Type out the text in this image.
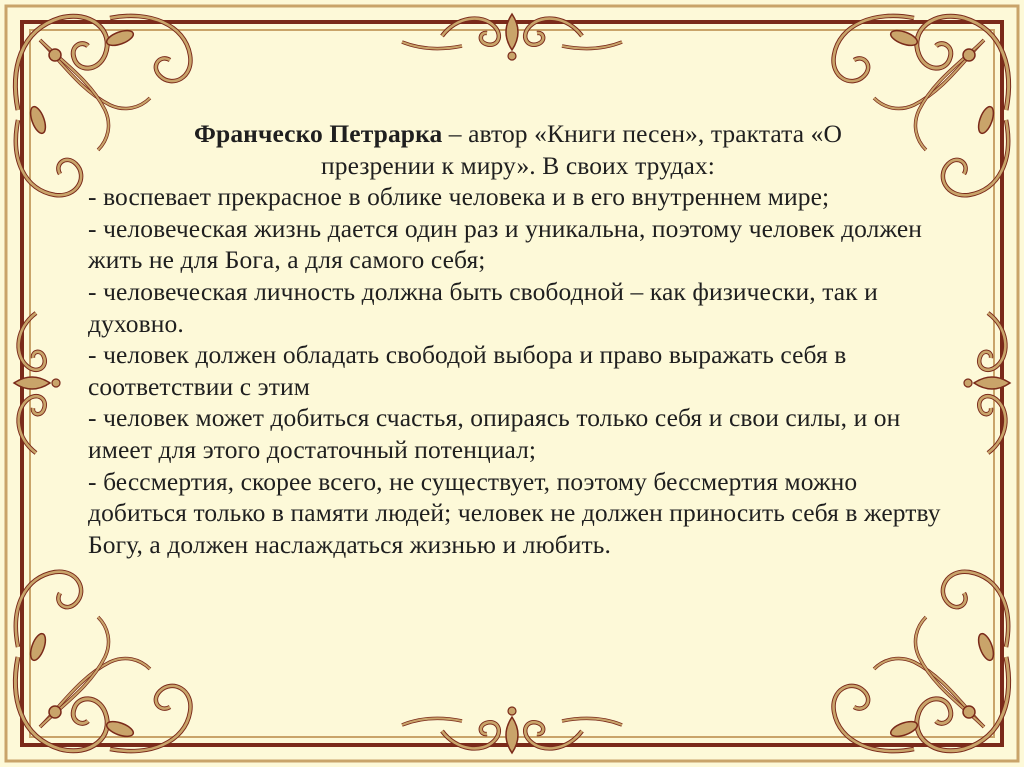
Франческо Петрарка – автор «Книги песен», трактата «О
презрении к миру». В своих трудах:

- воспевает прекрасное в облике человека и в его внутреннем мире;
- человеческая жизнь дается один раз и уникальна, поэтому человек должен жить не для Бога, а для самого себя;
- человеческая личность должна быть свободной – как физически, так и духовно.
- человек должен обладать свободой выбора и право выражать себя в соответствии с этим
- человек может добиться счастья, опираясь только себя и свои силы, и он имеет для этого достаточный потенциал;
- бессмертия, скорее всего, не существует, поэтому бессмертия можно добиться только в памяти людей; человек не должен приносить себя в жертву Богу, а должен наслаждаться жизнью и любить.
